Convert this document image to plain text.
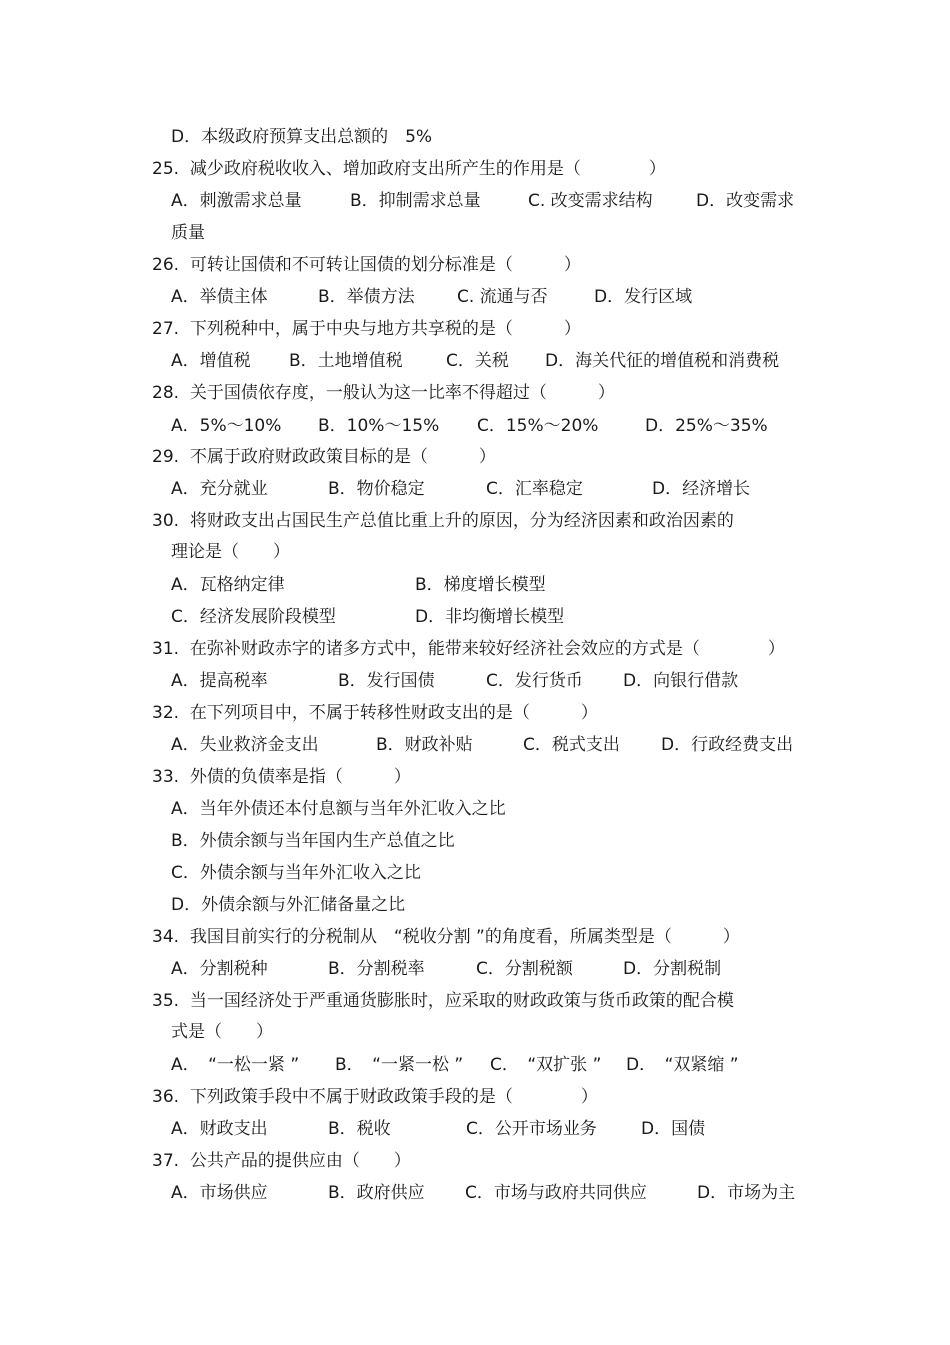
D．本级政府预算支出总额的　5%
25.  减少政府税收收入、增加政府支出所产生的作用是（　　　　）
A．刺激需求总量	B．抑制需求总量	C. 改变需求结构	D．改变需求
质量
26.  可转让国债和不可转让国债的划分标准是（　　　）
A．举债主体	B．举债方法 C. 流通与否	D．发行区域
27.  下列税种中，属于中央与地方共享税的是（　　　）
A．增值税 B．土地增值税	C．关税 D．海关代征的增值税和消费税
28.  关于国债依存度，一般认为这一比率不得超过（　　　）
A．5%～10% B．10%～15% C．15%～20%	D．25%～35%
29.  不属于政府财政政策目标的是（　　　）
A．充分就业	B．物价稳定	C．汇率稳定	D．经济增长
30.  将财政支出占国民生产总值比重上升的原因，分为经济因素和政治因素的
理论是（　　）
A．瓦格纳定律	B．梯度增长模型
C．经济发展阶段模型	D．非均衡增长模型
31.  在弥补财政赤字的诸多方式中，能带来较好经济社会效应的方式是（　　　　）
A．提高税率	B．发行国债	C．发行货币 D．向银行借款
32.  在下列项目中，不属于转移性财政支出的是（　　　）
A．失业救济金支出	B．财政补贴	C．税式支出 D．行政经费支出
33.  外债的负债率是指（　　　）
A．当年外债还本付息额与当年外汇收入之比
B．外债余额与当年国内生产总值之比
C．外债余额与当年外汇收入之比
D．外债余额与外汇储备量之比
34.  我国目前实行的分税制从　“税收分割 ”的角度看，所属类型是（　　　）
A．分割税种	B．分割税率	C．分割税额	D．分割税制
35.  当一国经济处于严重通货膨胀时，应采取的财政政策与货币政策的配合模
式是（　　）
A．　“一松一紧 ” B．　“一紧一松 ” C．　“双扩张 ” D．　“双紧缩 ”
36.  下列政策手段中不属于财政政策手段的是（　　　　）
A．财政支出	B．税收	C．公开市场业务	D．国债
37.  公共产品的提供应由（　　）
A．市场供应	B．政府供应 C．市场与政府共同供应	D．市场为主
